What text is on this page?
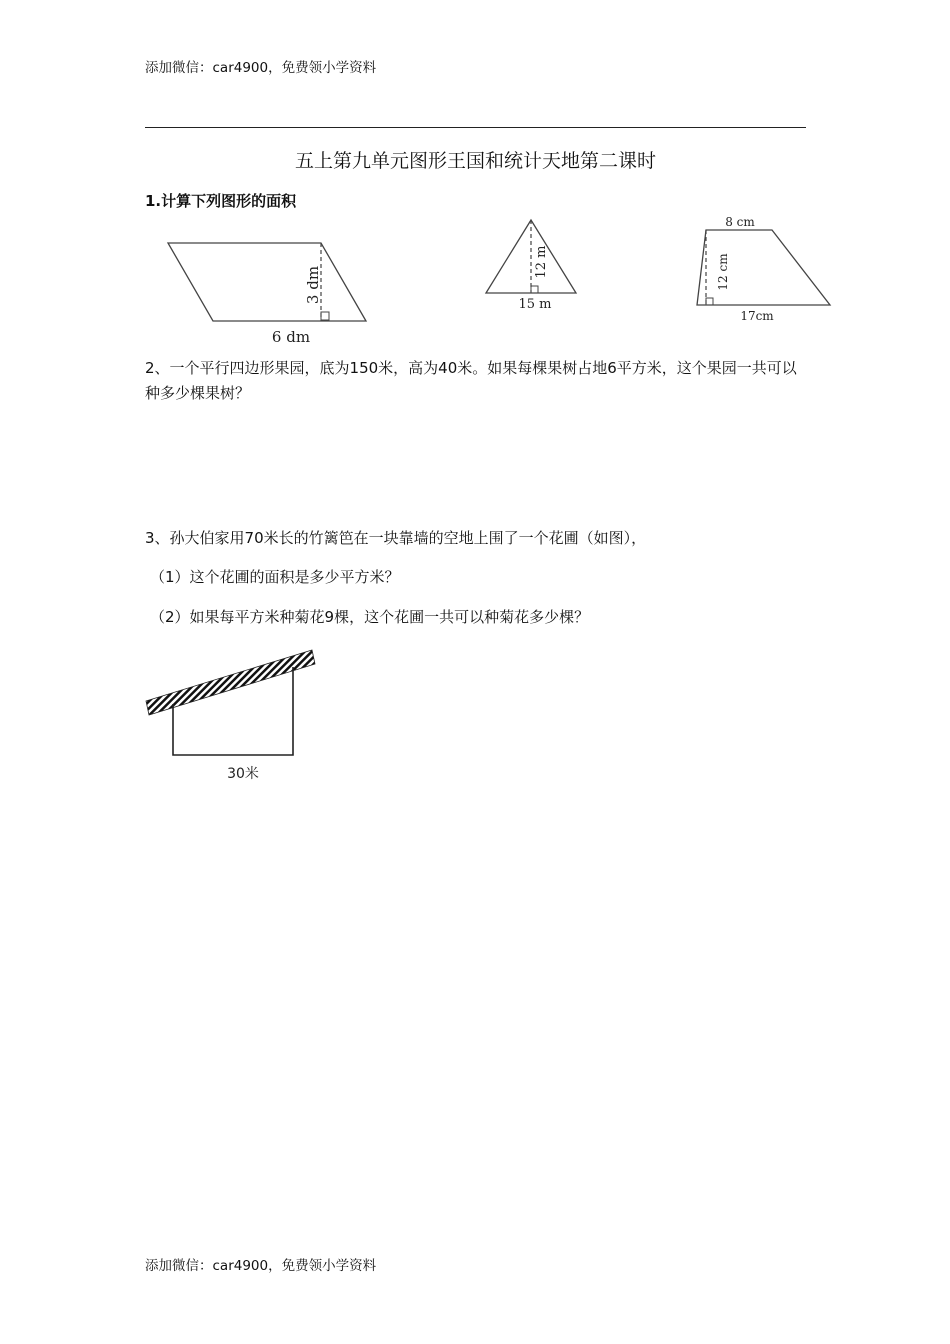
添加微信：car4900，免费领小学资料
五上第九单元图形王国和统计天地第二课时
1.计算下列图形的面积
3 dm
6 dm
12 m
15 m
8 cm
12 cm
17cm
2、一个平行四边形果园，底为150米，高为40米。如果每棵果树占地6平方米，这个果园一共可以种多少棵果树？
3、孙大伯家用70米长的竹篱笆在一块靠墙的空地上围了一个花圃（如图），
（1）这个花圃的面积是多少平方米？
（2）如果每平方米种菊花9棵，这个花圃一共可以种菊花多少棵？
30米
添加微信：car4900，免费领小学资料
